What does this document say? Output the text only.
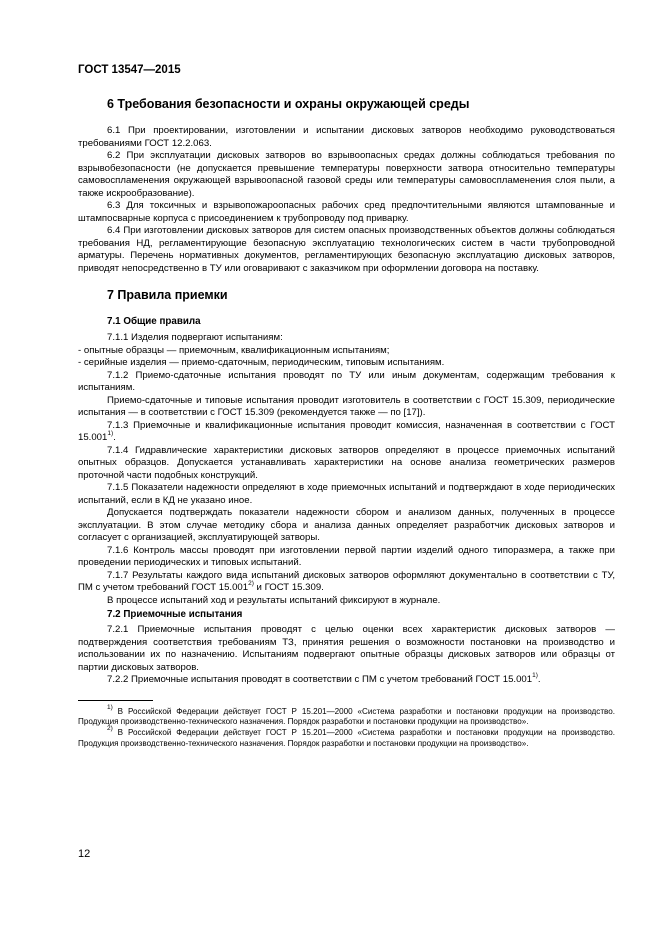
ГОСТ 13547—2015
6 Требования безопасности и охраны окружающей среды

6.1 При проектировании, изготовлении и испытании дисковых затворов необходимо руководствоваться требованиями ГОСТ 12.2.063.

6.2 При эксплуатации дисковых затворов во взрывоопасных средах должны соблюдаться требования по взрывобезопасности (не допускается превышение температуры поверхности затвора относительно температуры самовоспламенения окружающей взрывоопасной газовой среды или температуры самовоспламенения слоя пыли, а также искрообразование).

6.3 Для токсичных и взрывопожароопасных рабочих сред предпочтительными являются штампованные и штампосварные корпуса с присоединением к трубопроводу под приварку.

6.4 При изготовлении дисковых затворов для систем опасных производственных объектов должны соблюдаться требования НД, регламентирующие безопасную эксплуатацию технологических систем в части трубопроводной арматуры. Перечень нормативных документов, регламентирующих безопасную эксплуатацию дисковых затворов, приводят непосредственно в ТУ или оговаривают с заказчиком при оформлении договора на поставку.

7 Правила приемки
7.1 Общие правила

7.1.1 Изделия подвергают испытаниям:

- опытные образцы — приемочным, квалификационным испытаниям;

- серийные изделия — приемо-сдаточным, периодическим, типовым испытаниям.

7.1.2 Приемо-сдаточные испытания проводят по ТУ или иным документам, содержащим требования к испытаниям.

Приемо-сдаточные и типовые испытания проводит изготовитель в соответствии с ГОСТ 15.309, периодические испытания — в соответствии с ГОСТ 15.309 (рекомендуется также — по [17]).

7.1.3 Приемочные и квалификационные испытания проводит комиссия, назначенная в соответствии с ГОСТ 15.001$^{1)}$.

7.1.4 Гидравлические характеристики дисковых затворов определяют в процессе приемочных испытаний опытных образцов. Допускается устанавливать характеристики на основе анализа геометрических размеров проточной части подобных конструкций.

7.1.5 Показатели надежности определяют в ходе приемочных испытаний и подтверждают в ходе периодических испытаний, если в КД не указано иное.

Допускается подтверждать показатели надежности сбором и анализом данных, полученных в процессе эксплуатации. В этом случае методику сбора и анализа данных определяет разработчик дисковых затворов и согласует с организацией, эксплуатирующей затворы.

7.1.6 Контроль массы проводят при изготовлении первой партии изделий одного типоразмера, а также при проведении периодических и типовых испытаний.

7.1.7 Результаты каждого вида испытаний дисковых затворов оформляют документально в соответствии с ТУ, ПМ с учетом требований ГОСТ 15.001$^{2)}$ и ГОСТ 15.309.

В процессе испытаний ход и результаты испытаний фиксируют в журнале.

7.2 Приемочные испытания

7.2.1 Приемочные испытания проводят с целью оценки всех характеристик дисковых затворов — подтверждения соответствия требованиям ТЗ, принятия решения о возможности постановки на производство и использовании их по назначению. Испытаниям подвергают опытные образцы дисковых затворов или образцы от партии дисковых затворов.

7.2.2 Приемочные испытания проводят в соответствии с ПМ с учетом требований ГОСТ 15.001$^{1)}$.

$^{1)}$ В Российской Федерации действует ГОСТ Р 15.201—2000 «Система разработки и постановки продукции на производство. Продукция производственно-технического назначения. Порядок разработки и постановки продукции на производство».

$^{2)}$ В Российской Федерации действует ГОСТ Р 15.201—2000 «Система разработки и постановки продукции на производство. Продукция производственно-технического назначения. Порядок разработки и постановки продукции на производство».

12
